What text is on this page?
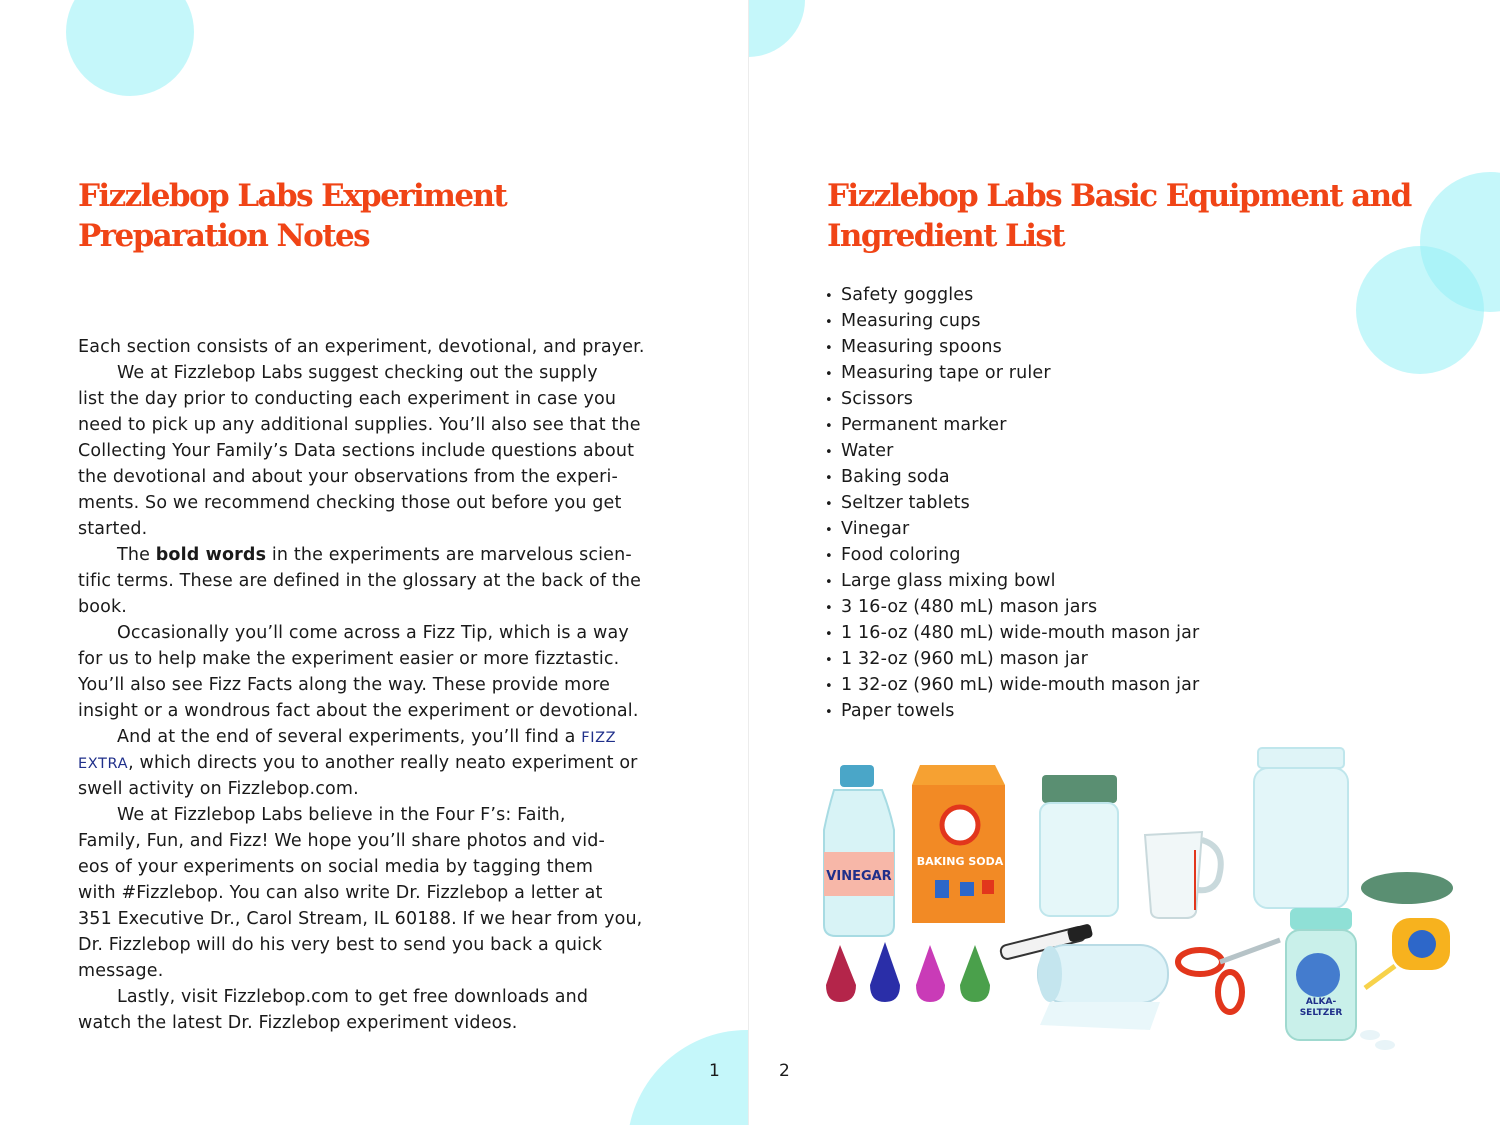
Fizzlebop Labs Experiment
Preparation Notes
Each section consists of an experiment, devotional, and prayer.
We at Fizzlebop Labs suggest checking out the supply
list the day prior to conducting each experiment in case you
need to pick up any additional supplies. You’ll also see that the
Collecting Your Family’s Data sections include questions about
the devotional and about your observations from the experi-
ments. So we recommend checking those out before you get
started.
The bold words in the experiments are marvelous scien-
tific terms. These are defined in the glossary at the back of the
book.
Occasionally you’ll come across a Fizz Tip, which is a way
for us to help make the experiment easier or more fizztastic.
You’ll also see Fizz Facts along the way. These provide more
insight or a wondrous fact about the experiment or devotional.
And at the end of several experiments, you’ll find a FIZZ
EXTRA, which directs you to another really neato experiment or
swell activity on Fizzlebop.com.
We at Fizzlebop Labs believe in the Four F’s: Faith,
Family, Fun, and Fizz! We hope you’ll share photos and vid-
eos of your experiments on social media by tagging them
with #Fizzlebop. You can also write Dr. Fizzlebop a letter at
351 Executive Dr., Carol Stream, IL 60188. If we hear from you,
Dr. Fizzlebop will do his very best to send you back a quick
message.
Lastly, visit Fizzlebop.com to get free downloads and
watch the latest Dr. Fizzlebop experiment videos.
1
Fizzlebop Labs Basic Equipment and
Ingredient List
• Safety goggles
• Measuring cups
• Measuring spoons
• Measuring tape or ruler
• Scissors
• Permanent marker
• Water
• Baking soda
• Seltzer tablets
• Vinegar
• Food coloring
• Large glass mixing bowl
• 3 16-oz (480 mL) mason jars
• 1 16-oz (480 mL) wide-mouth mason jar
• 1 32-oz (960 mL) mason jar
• 1 32-oz (960 mL) wide-mouth mason jar
• Paper towels
2
VINEGAR
BAKING SODA
ALKA-
SELTZER
